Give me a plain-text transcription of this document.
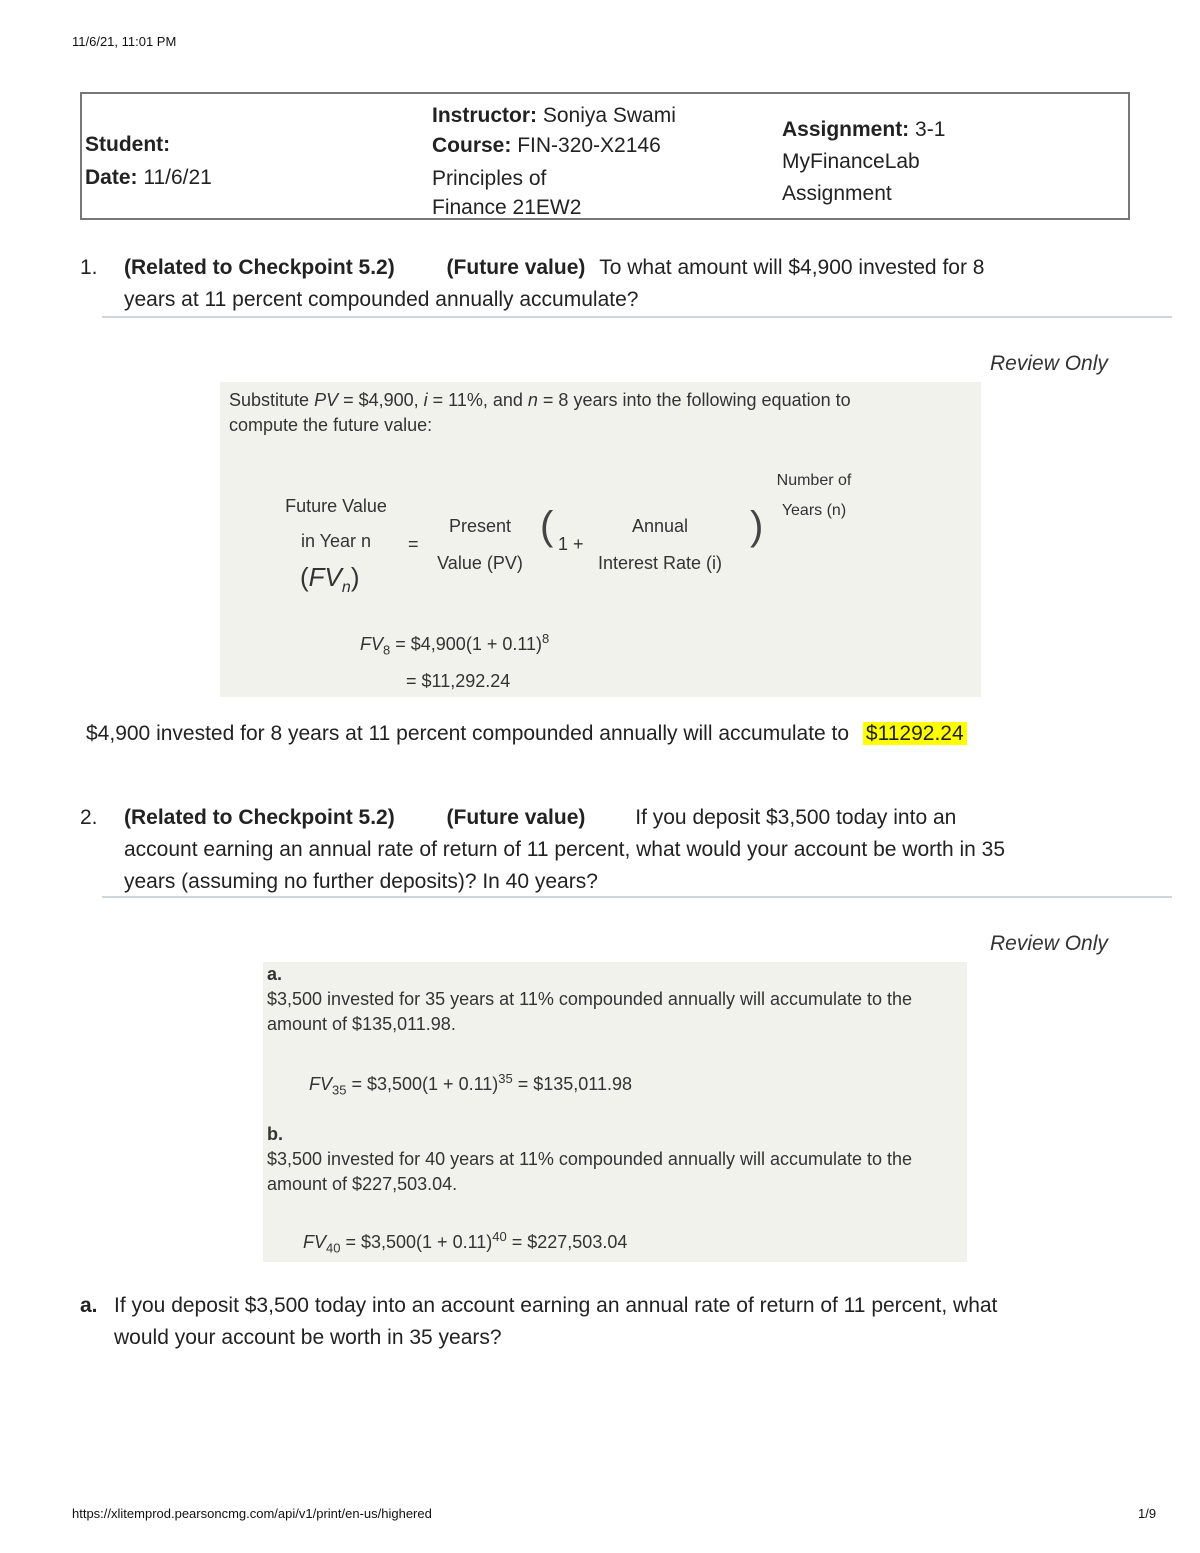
11/6/21, 11:01 PM
Student:
Date: 11/6/21
Instructor: Soniya Swami
Course: FIN-320-X2146
Principles of
Finance 21EW2
Assignment: 3-1
MyFinanceLab
Assignment
1. (Related to Checkpoint 5.2) (Future value) To what amount will $4,900 invested for 8
years at 11 percent compounded annually accumulate?
Review Only
Substitute PV = $4,900, i = 11%, and n = 8 years into the following equation to
compute the future value:
Future Value
in Year n
$(FV_n)$
=
Present
Value (PV)
( 1 +
Annual
Interest Rate (i)
)
Number of
Years (n)
$FV_8$ = $4,900(1 + 0.11)$^8$
= $11,292.24
$4,900 invested for 8 years at 11 percent compounded annually will accumulate to $11292.24
2. (Related to Checkpoint 5.2) (Future value) If you deposit $3,500 today into an
account earning an annual rate of return of 11 percent, what would your account be worth in 35
years (assuming no further deposits)? In 40 years?
Review Only
a.
$3,500 invested for 35 years at 11% compounded annually will accumulate to the
amount of $135,011.98.
$FV_{35}$ = $3,500(1 + 0.11)$^{35}$ = $135,011.98
b.
$3,500 invested for 40 years at 11% compounded annually will accumulate to the
amount of $227,503.04.
$FV_{40}$ = $3,500(1 + 0.11)$^{40}$ = $227,503.04
a. If you deposit $3,500 today into an account earning an annual rate of return of 11 percent, what
would your account be worth in 35 years?
https://xlitemprod.pearsoncmg.com/api/v1/print/en-us/highered	1/9
